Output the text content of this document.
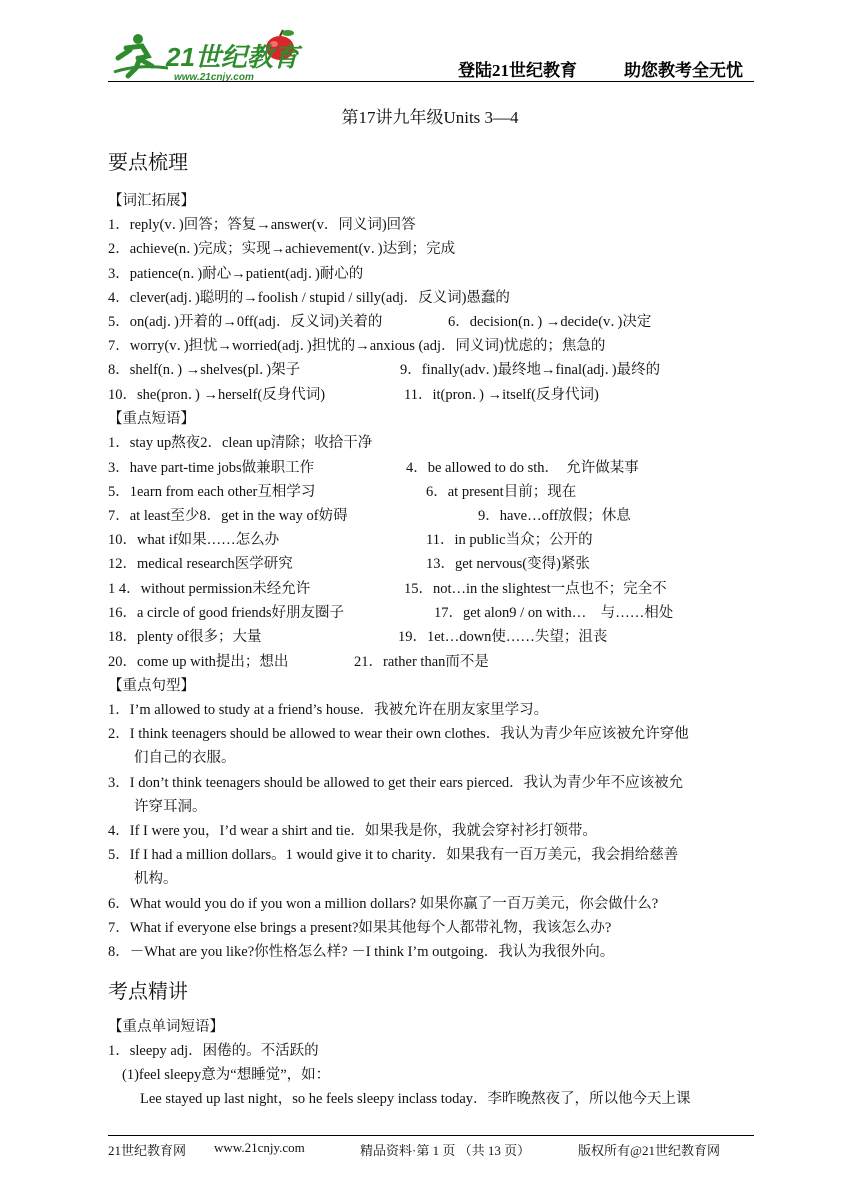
21世纪教育
www.21cnjy.com	登陆21世纪教育	助您教考全无忧
第17讲九年级Units 3—4
要点梳理
【词汇拓展】
1．reply(v．)回答；答复→answer(v．同义词)回答
2．achieve(n．)完成；实现→achievement(v．)达到；完成
3．patience(n．)耐心→patient(adj．)耐心的
4．clever(adj．)聪明的→foolish / stupid / silly(adj．反义词)愚蠢的
5．on(adj．)开着的→0ff(adj．反义词)关着的	6．decision(n．) →decide(v．)决定
7．worry(v．)担忧→worried(adj．)担忧的→anxious (adj．同义词)忧虑的；焦急的
8．shelf(n．) →shelves(pl．)架子	9．finally(adv．)最终地→final(adj．)最终的
10．she(pron．) →herself(反身代词)	11．it(pron．) →itself(反身代词)
【重点短语】
1．stay up熬夜2．clean up清除；收拾干净
3．have part-time jobs做兼职工作	4．be allowed to do sth．　允许做某事
5．1earn from each other互相学习	6．at present目前；现在
7．at least至少8．get in the way of妨碍	9．have…off放假；休息
10．what if如果……怎么办	11．in public当众；公开的
12．medical research医学研究	13．get nervous(变得)紧张
1 4．without permission未经允许	15．not…in the slightest一点也不；完全不
16．a circle of good friends好朋友圈子	17．get alon9 / on with…　与……相处
18．plenty of很多；大量	19．1et…down使……失望；沮丧
20．come up with提出；想出	21．rather than而不是
【重点句型】
1．I’m allowed to study at a friend’s house．我被允许在朋友家里学习。
2．I think teenagers should be allowed to wear their own clothes．我认为青少年应该被允许穿他
们自己的衣服。
3．I don’t think teenagers should be allowed to get their ears pierced．我认为青少年不应该被允
许穿耳洞。
4．If I were you，I’d wear a shirt and tie．如果我是你，我就会穿衬衫打领带。
5．If I had a million dollars。1 would give it to charity．如果我有一百万美元，我会捐给慈善
机构。
6．What would you do if you won a million dollars? 如果你赢了一百万美元，你会做什么?
7．What if everyone else brings a present?如果其他每个人都带礼物，我该怎么办?
8．－What are you like?你性格怎么样? －I think I’m outgoing．我认为我很外向。
考点精讲
【重点单词短语】
1．sleepy adj．困倦的。不活跃的
(1)feel sleepy意为“想睡觉”，如：
Lee stayed up last night，so he feels sleepy inclass today．李昨晚熬夜了，所以他今天上课
21世纪教育网 www.21cnjy.com	精品资料·第 1 页 （共 13 页）	版权所有@21世纪教育网
